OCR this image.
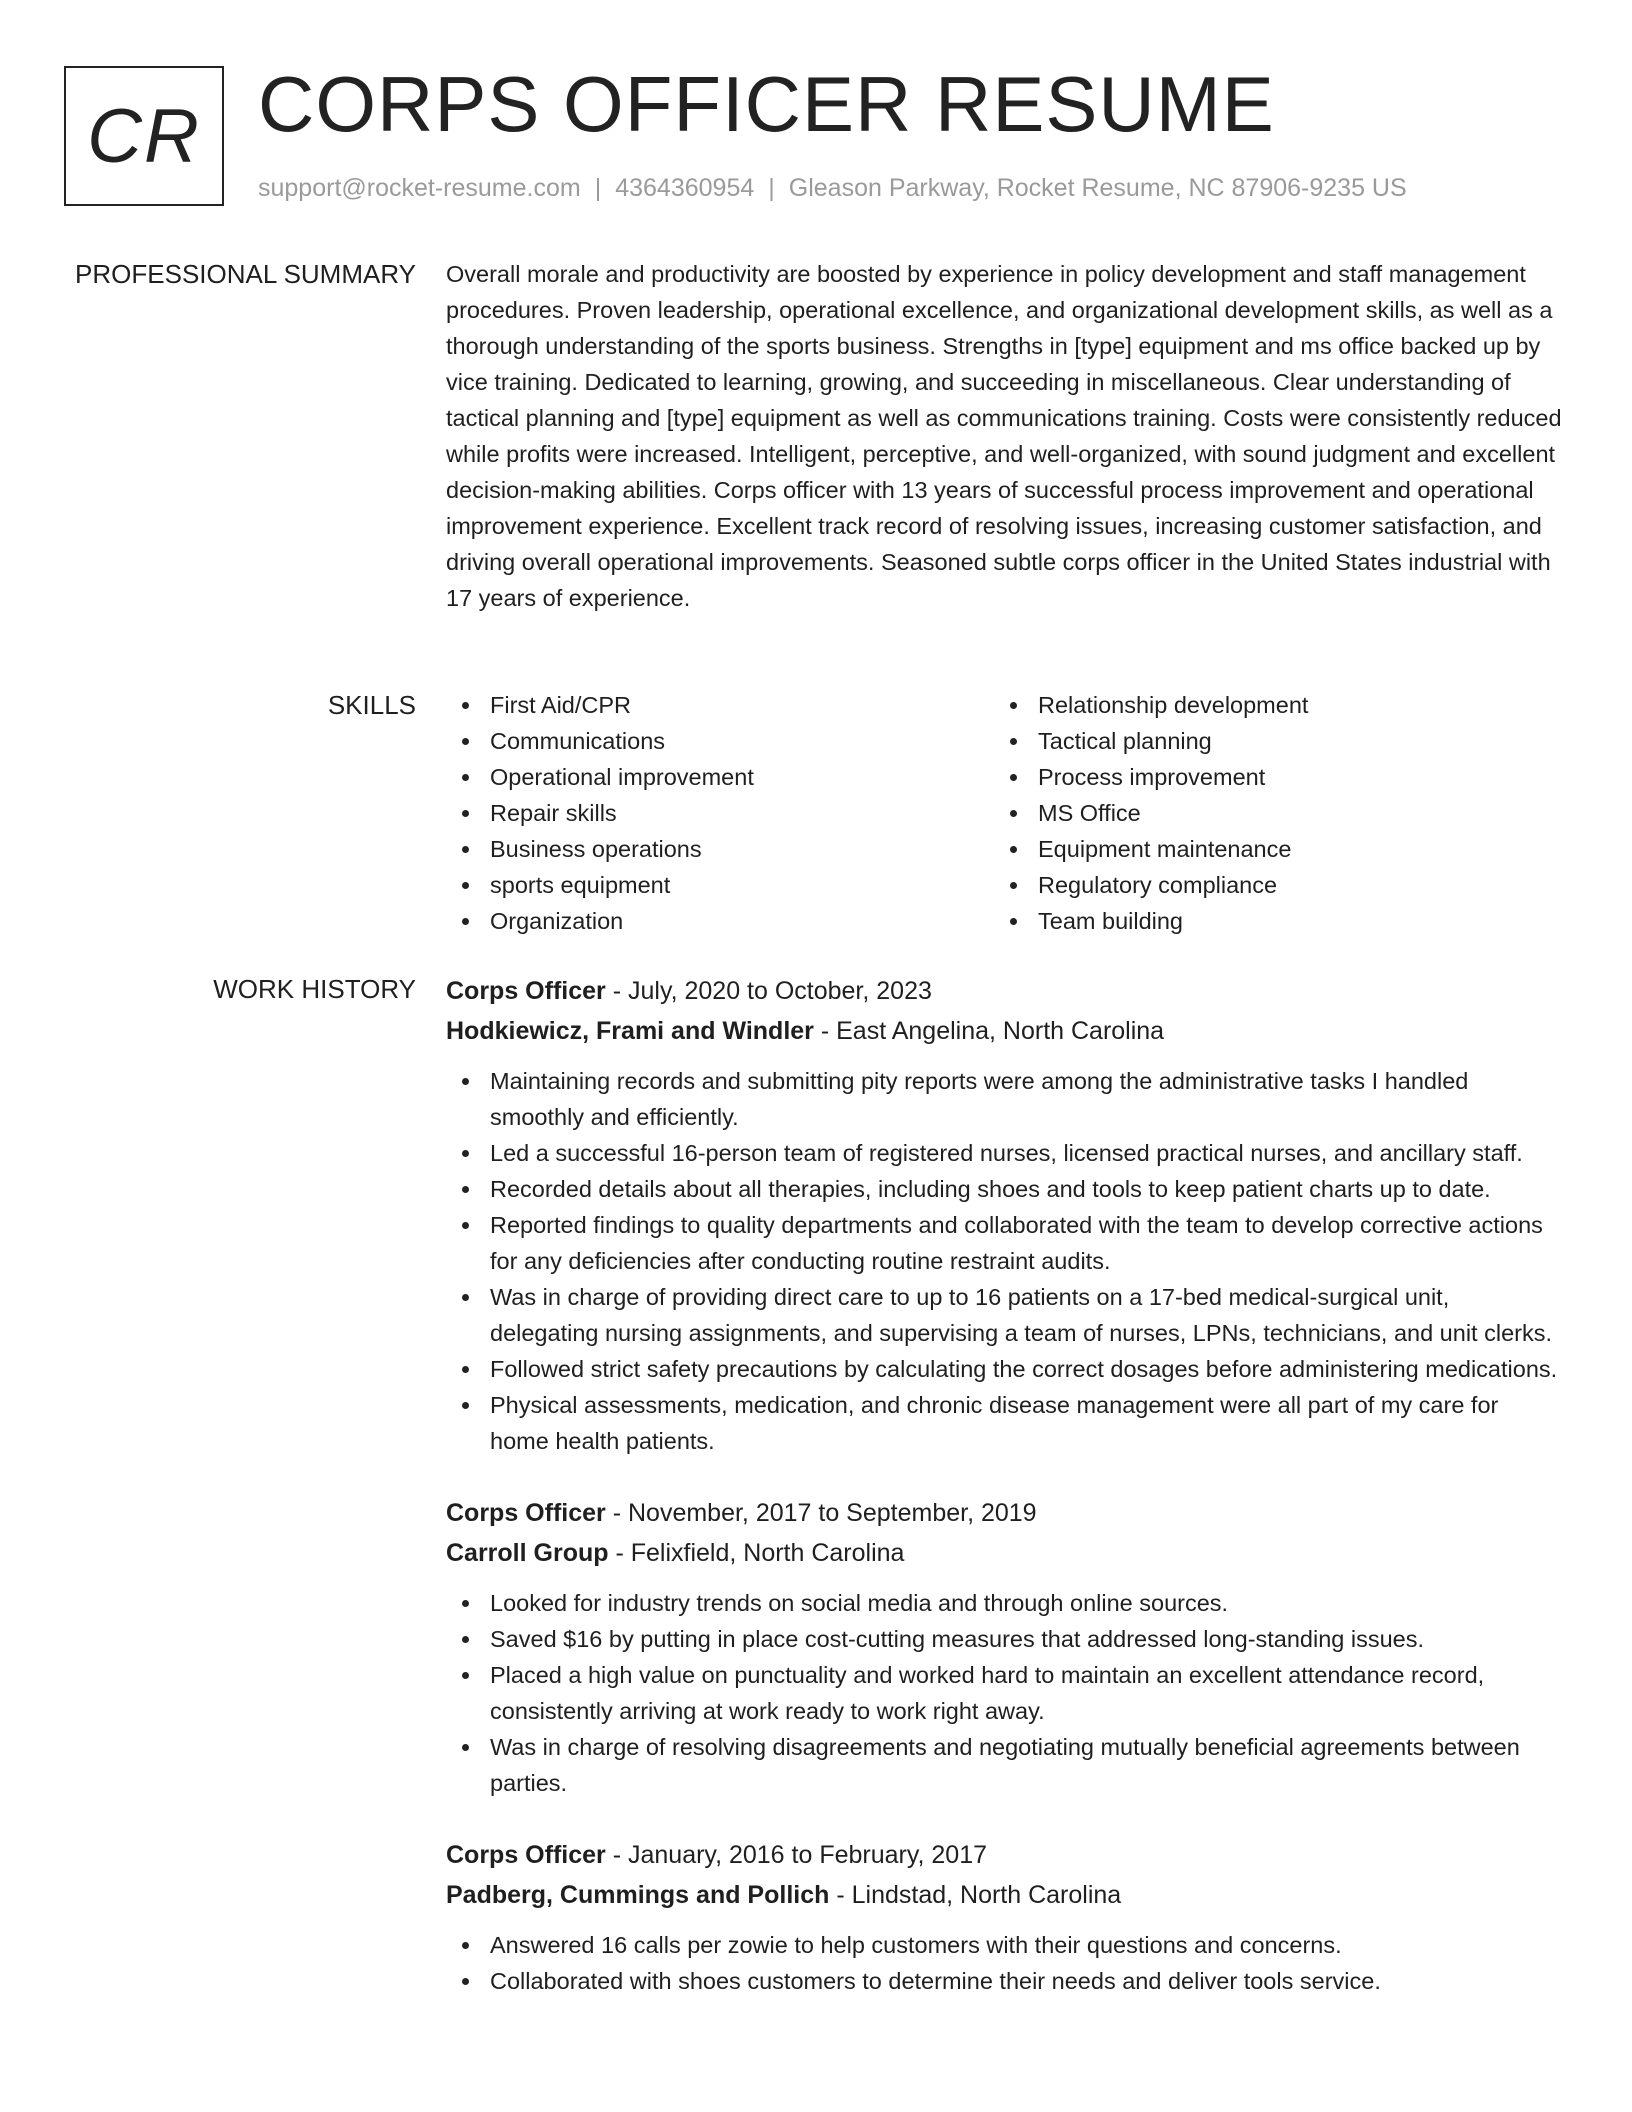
CR CORPS OFFICER RESUME
support@rocket-resume.com | 4364360954 | Gleason Parkway, Rocket Resume, NC 87906-9235 US
PROFESSIONAL SUMMARY Overall morale and productivity are boosted by experience in policy development and staff management procedures. Proven leadership, operational excellence, and organizational development skills, as well as a thorough understanding of the sports business. Strengths in [type] equipment and ms office backed up by vice training. Dedicated to learning, growing, and succeeding in miscellaneous. Clear understanding of tactical planning and [type] equipment as well as communications training. Costs were consistently reduced while profits were increased. Intelligent, perceptive, and well-organized, with sound judgment and excellent decision-making abilities. Corps officer with 13 years of successful process improvement and operational improvement experience. Excellent track record of resolving issues, increasing customer satisfaction, and driving overall operational improvements. Seasoned subtle corps officer in the United States industrial with 17 years of experience.

SKILLS	First Aid/CPR
Communications
Operational improvement
Repair skills
Business operations
sports equipment
Organization
Relationship development
Tactical planning
Process improvement
MS Office
Equipment maintenance
Regulatory compliance
Team building
WORK HISTORY Corps Officer - July, 2020 to October, 2023
Hodkiewicz, Frami and Windler - East Angelina, North Carolina
Maintaining records and submitting pity reports were among the administrative tasks I handled smoothly and efficiently.
Led a successful 16-person team of registered nurses, licensed practical nurses, and ancillary staff.
Recorded details about all therapies, including shoes and tools to keep patient charts up to date.
Reported findings to quality departments and collaborated with the team to develop corrective actions for any deficiencies after conducting routine restraint audits.
Was in charge of providing direct care to up to 16 patients on a 17-bed medical-surgical unit, delegating nursing assignments, and supervising a team of nurses, LPNs, technicians, and unit clerks.
Followed strict safety precautions by calculating the correct dosages before administering medications.
Physical assessments, medication, and chronic disease management were all part of my care for home health patients.
Corps Officer - November, 2017 to September, 2019
Carroll Group - Felixfield, North Carolina
Looked for industry trends on social media and through online sources.
Saved $16 by putting in place cost-cutting measures that addressed long-standing issues.
Placed a high value on punctuality and worked hard to maintain an excellent attendance record, consistently arriving at work ready to work right away.
Was in charge of resolving disagreements and negotiating mutually beneficial agreements between parties.
Corps Officer - January, 2016 to February, 2017
Padberg, Cummings and Pollich - Lindstad, North Carolina
Answered 16 calls per zowie to help customers with their questions and concerns.
Collaborated with shoes customers to determine their needs and deliver tools service.
